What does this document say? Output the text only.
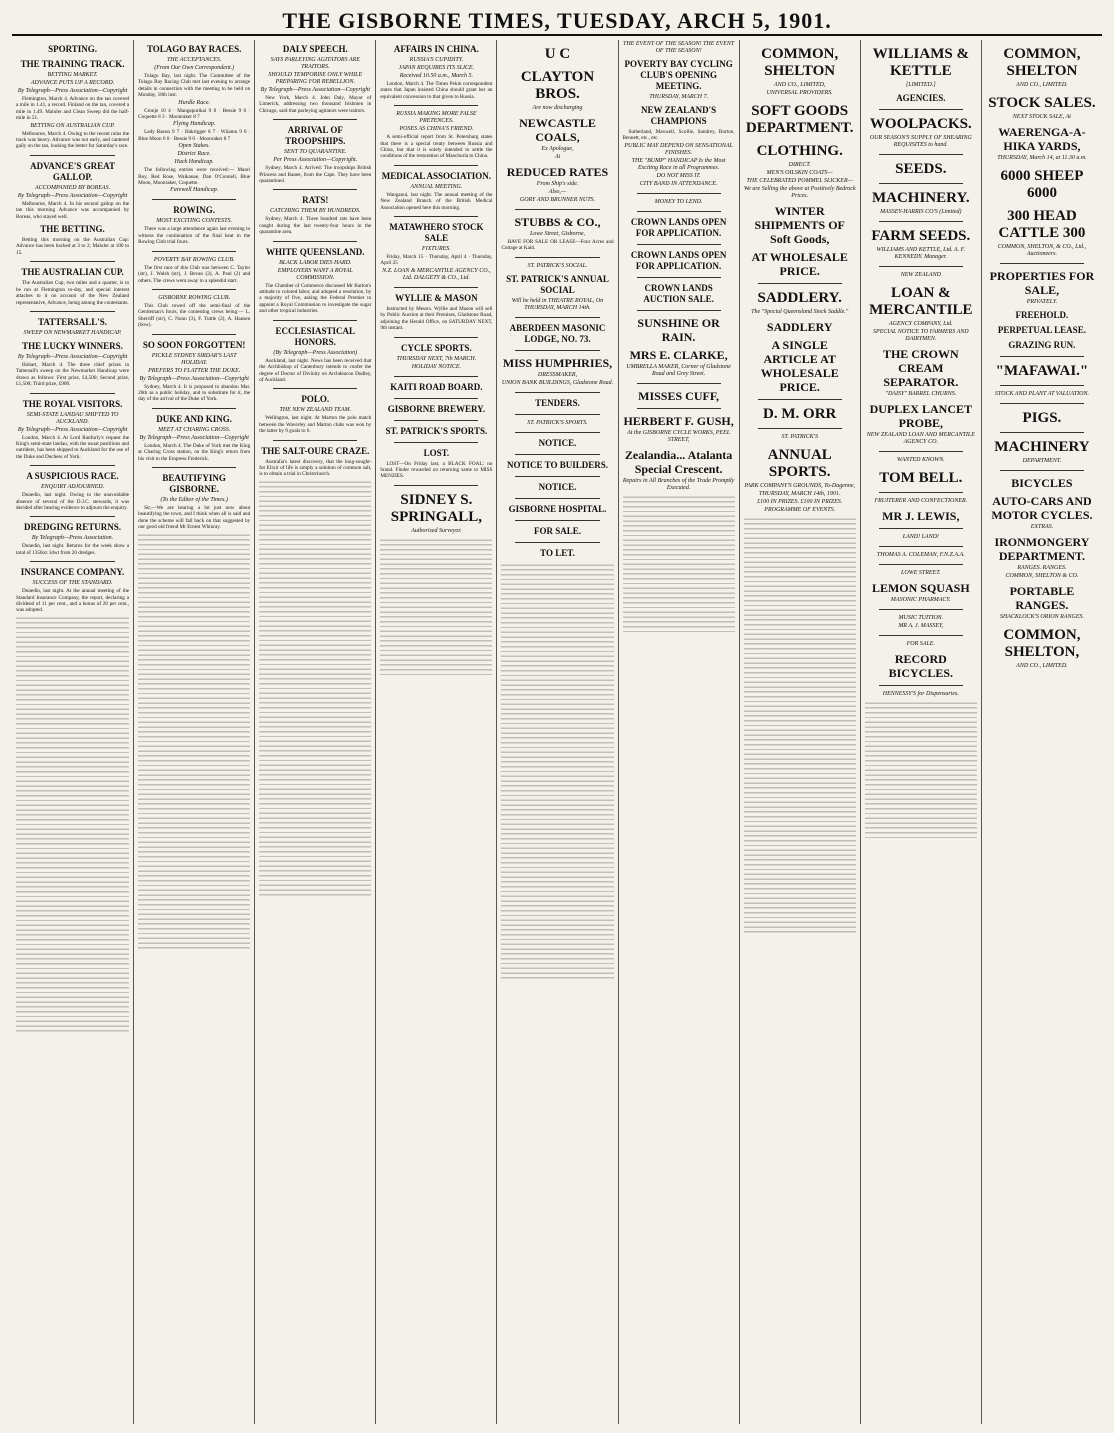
THE GISBORNE TIMES, TUESDAY, ARCH 5, 1901.
SPORTING.
THE TRAINING TRACK.
BETTING MARKET.
ADVANCE PUTS UP A RECORD.
By Telegraph—Press Association—Copyright

Flemington, March 4. Advance on the tan covered a mile in 1.41, a record. Finland on the tan, covered a mile in 1.49. Maluler and Clean Sweep did the half-mile in 51.

BETTING ON AUSTRALIAN CUP.

Melbourne, March 4. Owing to the recent rains the track was heavy. Advance was not early, and cantered gaily on the tan, looking the better for Saturday's race.

ADVANCE'S GREAT GALLOP.
ACCOMPANIED BY BOREAS.
By Telegraph—Press Association—Copyright

Melbourne, March 4. In his second gallop on the tan this morning Advance was accompanied by Boreas, who stayed well.

THE BETTING.

Betting this morning on the Australian Cup: Advance has been backed at 3 to 2; Maluler at 100 to 15.

THE AUSTRALIAN CUP.

The Australian Cup, two miles and a quarter, is to be run at Flemington to-day, and special interest attaches to it on account of the New Zealand representative, Advance, being among the contestants.

TATTERSALL'S.
SWEEP ON NEWMARKET HANDICAP.
THE LUCKY WINNERS.
By Telegraph—Press Association—Copyright

Hobart, March 4. The three chief prizes in Tattersall's sweep on the Newmarket Handicap were drawn as follows: First prize, £4,500; Second prize, £1,500; Third prize, £900.

THE ROYAL VISITORS.
SEMI-STATE LANDAU SHIFTED TO AUCKLAND.
By Telegraph—Press Association—Copyright

London, March 4. At Lord Ranfurly's request the King's semi-state landau, with the usual postilions and outriders, has been shipped to Auckland for the use of the Duke and Duchess of York.

A SUSPICIOUS RACE.
ENQUIRY ADJOURNED.

Dunedin, last night. Owing to the unavoidable absence of several of the D.J.C. stewards, it was decided after hearing evidence to adjourn the enquiry.

DREDGING RETURNS.
By Telegraph—Press Association.

Dunedin, last night. Returns for the week show a total of 1350oz 1dwt from 20 dredges.

INSURANCE COMPANY.
SUCCESS OF THE STANDARD.

Dunedin, last night. At the annual meeting of the Standard Insurance Company, the report, declaring a dividend of 11 per cent., and a bonus of 20 per cent., was adopted.

TOLAGO BAY RACES.
THE ACCEPTANCES.
(From Our Own Correspondent.)

Tolago Bay, last night. The Committee of the Tolago Bay Racing Club met last evening to arrange details in connection with the meeting to be held on Monday, 18th inst.

Hurdle Race.

Cronje 10 4 · Mangapurikai 9 0 · Bessie 9 0 · Coquette 8 3 · Moonraker 8 7

Flying Handicap.

Lady Raeon 9 7 · Hakrigger 8 7 · Wiiamu 9 0 · Blue Moon 6 0 · Bessie 9 0 · Moonraker 8 7

Open Stakes.
District Race.
Hack Handicap.

The following entries were received:— Maori Boy, Red Rose, Waikanae, Dan O'Connell, Blue Moon, Moonraker, Coquette.

Farewell Handicap.
ROWING.
MOST EXCITING CONTESTS.

There was a large attendance again last evening to witness the continuation of the final heat in the Rowing Club trial fours.

POVERTY BAY ROWING CLUB.

The first race of this Club was between C. Taylor (str), J. Walsh (str), J. Bevan (3), A. Paul (2) and others. The crews went away to a splendid start.

GISBORNE ROWING CLUB.

This Club rowed off the semi-final of the Gentleman's fours, the contesting crews being:— L. Sherriff (str), C. Nunn (3), F. Tuttle (2), A. Hansen (bow).

SO SOON FORGOTTEN!
PICKLE SYDNEY SIRDAR'S LAST HOLIDAY.
PREFERS TO FLATTER THE DUKE.
By Telegraph—Press Association—Copyright

Sydney, March 4. It is proposed to abandon Mar. 26th as a public holiday, and to substitute for it, the day of the arrival of the Duke of York.

DUKE AND KING.
MEET AT CHARING CROSS.
By Telegraph—Press Association—Copyright

London, March 4. The Duke of York met the King at Charing Cross station, on the King's return from his visit to the Empress Frederick.

BEAUTIFYING GISBORNE.
(To the Editor of the Times.)

Sir,—We are hearing a lot just now about beautifying the town, and I think when all is said and done the scheme will fall back on that suggested by our good old friend Mr Ernest Whinray.

DALY SPEECH.
SAYS PARLEYING AGITATORS ARE TRAITORS.
SHOULD TEMPORISE ONLY WHILE PREPARING FOR REBELLION.
By Telegraph—Press Association—Copyright

New York, March 4. John Daly, Mayor of Limerick, addressing two thousand Irishmen in Chicago, said that parleying agitators were traitors.

ARRIVAL OF TROOPSHIPS.
SENT TO QUARANTINE.
Per Press Association—Copyright.

Sydney, March 4. Arrived: The troopships British Princess and Ranee, from the Cape. They have been quarantined.

RATS!
CATCHING THEM BY HUNDREDS.

Sydney, March 4. Three hundred rats have been caught during the last twenty-four hours in the quarantine area.

WHITE QUEENSLAND.
BLACK LABOR DIES HARD.
EMPLOYERS WANT A ROYAL COMMISSION.

The Chamber of Commerce discussed Mr Barton's attitude to colored labor, and adopted a resolution, by a majority of five, asking the Federal Premier to appoint a Royal Commission to investigate the sugar and other tropical industries.

ECCLESIASTICAL HONORS.
(By Telegraph—Press Association)

Auckland, last night. News has been received that the Archbishop of Canterbury intends to confer the degree of Doctor of Divinity on Archdeacon Dudley, of Auckland.

POLO.
THE NEW ZEALAND TEAM.

Wellington, last night. At Marton the polo match between the Waverley and Marton clubs was won by the latter by 9 goals to 6.

THE SALT-OURE CRAZE.

Australia's latest discovery, that the long-sought-for Elixir of life is simply a solution of common salt, is to obtain a trial in Christchurch.

AFFAIRS IN CHINA.
RUSSIA'S CUPIDITY.
JAPAN REQUIRES ITS SLICE.
Received 10.50 a.m., March 5.

London, March 4. The Times Pekin correspondent states that Japan insisted China should grant her an equivalent concession to that given to Russia.

RUSSIA MAKING MORE FALSE PRETENCES.
POSES AS CHINA'S FRIEND.

A semi-official report from St. Petersburg states that there is a special treaty between Russia and China, but that it is solely intended to settle the conditions of the restoration of Manchuria to China.

MEDICAL ASSOCIATION.
ANNUAL MEETING.

Wanganui, last night. The annual meeting of the New Zealand Branch of the British Medical Association opened here this morning.

MATAWHERO STOCK SALE
FIXTURES.

Friday, March 15 · Thursday, April 4 · Thursday, April 25

N.Z. LOAN & MERCANTILE AGENCY CO., Ltd. DALGETY & CO., Ltd.
WYLLIE & MASON

Instructed by Messrs. Wyllie and Mason will sell by Public Auction at their Premises, Gladstone Road, adjoining the Herald Office, on SATURDAY NEXT, 9th instant.

CYCLE SPORTS.
THURSDAY NEXT, 7th MARCH.
HOLIDAY NOTICE.
KAITI ROAD BOARD.
GISBORNE BREWERY.
ST. PATRICK'S SPORTS.
LOST.

LOST—On Friday last, a BLACK FOAL; no brand. Finder rewarded on returning same to MISS MENZIES.

SIDNEY S. SPRINGALL,
Authorised Surveyor.
U C
CLAYTON BROS.
Are now discharging
NEWCASTLE COALS,
Ex Apologue,
At
REDUCED RATES
From Ship's side.
Also,—
GORY AND BRUNNER NUTS.
STUBBS & CO.,
Lowe Street, Gisborne,

HAVE FOR SALE OR LEASE—Four Acres and Cottage at Kaiti.

ST. PATRICK'S SOCIAL.
ST. PATRICK'S ANNUAL SOCIAL
Will be held in THEATRE ROYAL, On THURSDAY, MARCH 14th.
ABERDEEN MASONIC LODGE, NO. 73.
MISS HUMPHRIES,
DRESSMAKER,
UNION BANK BUILDINGS, Gladstone Road.
TENDERS.
ST. PATRICK'S SPORTS.
NOTICE.
NOTICE TO BUILDERS.
NOTICE.
GISBORNE HOSPITAL.
FOR SALE.
TO LET.
THE EVENT OF THE SEASON! THE EVENT OF THE SEASON!
POVERTY BAY CYCLING CLUB'S OPENING MEETING.
THURSDAY, MARCH 7.
NEW ZEALAND'S CHAMPIONS

Sutherland, Maxwell, Scollie, Sandrey, Burton, Bennett, etc., etc.

PUBLIC MAY DEPEND ON SENSATIONAL FINISHES.
THE "BUMP" HANDICAP Is the Most Exciting Race in all Programmes.
DO NOT MISS IT.
CITY BAND IN ATTENDANCE.
MONEY TO LEND.
CROWN LANDS OPEN FOR APPLICATION.
CROWN LANDS OPEN FOR APPLICATION.
CROWN LANDS AUCTION SALE.
SUNSHINE OR RAIN.
MRS E. CLARKE,
UMBRELLA MAKER, Corner of Gladstone Road and Grey Street.
MISSES CUFF,
HERBERT F. GUSH,
At the GISBORNE CYCLE WORKS, PEEL STREET,
Zealandia... Atalanta Special Crescent.
Repairs in All Branches of the Trade Promptly Executed.
COMMON, SHELTON
AND CO., LIMITED,
UNIVERSAL PROVIDERS.
SOFT GOODS DEPARTMENT.
CLOTHING.
DIRECT.
MEN'S OILSKIN COATS—
THE CELEBRATED POMMEL SLICKER—
We are Selling the above at Positively Bedrock Prices.
WINTER SHIPMENTS OF Soft Goods,
AT WHOLESALE PRICE.
SADDLERY.
The "Special Queensland Stock Saddle."
SADDLERY
A SINGLE ARTICLE AT WHOLESALE PRICE.
D. M. ORR
ST. PATRICK'S
ANNUAL SPORTS.
PARK COMPANY'S GROUNDS, To-Dagenne,
THURSDAY, MARCH 14th, 1901.
£100 IN PRIZES. £100 IN PRIZES.
PROGRAMME OF EVENTS.
WILLIAMS & KETTLE
[LIMITED.]
AGENCIES.
WOOLPACKS.
OUR SEASON'S SUPPLY OF SHEARING REQUISITES to hand.
SEEDS.
MACHINERY.
MASSEY-HARRIS CO'S (Limited)
FARM SEEDS.
WILLIAMS AND KETTLE, Ltd. A. F. KENNEDY. Manager.
NEW ZEALAND
LOAN & MERCANTILE
AGENCY COMPANY, Ltd.
SPECIAL NOTICE TO FARMERS AND DAIRYMEN.
THE CROWN CREAM SEPARATOR.
"DAISY" BARREL CHURNS.
DUPLEX LANCET PROBE,
NEW ZEALAND LOAN AND MERCANTILE AGENCY CO.
WANTED KNOWN.
TOM BELL.
FRUITERER AND CONFECTIONER.
MR J. LEWIS,
LAND! LAND!
THOMAS A. COLEMAN, F.N.Z.A.A.
LOWE STREET.
LEMON SQUASH
MASONIC PHARMACY.
MUSIC TUITION.
MR A. J. MASSEY,
FOR SALE.
RECORD BICYCLES.
HENNESSY'S for Dispensaries.
COMMON, SHELTON
AND CO., LIMITED.
STOCK SALES.
NEXT STOCK SALE, At
WAERENGA-A-HIKA YARDS,
THURSDAY, March 14, at 11.30 a.m.
6000 SHEEP 6000
300 HEAD CATTLE 300
COMMON, SHELTON, & CO., Ltd., Auctioneers.
PROPERTIES FOR SALE,
PRIVATELY.
FREEHOLD.
PERPETUAL LEASE.
GRAZING RUN.
"MAFAWAI."
STOCK AND PLANT AT VALUATION.
PIGS.
MACHINERY
DEPARTMENT.
BICYCLES
AUTO-CARS AND MOTOR CYCLES.
EXTRAS.
IRONMONGERY DEPARTMENT.
RANGES. RANGES.
COMMON, SHELTON & CO.
PORTABLE RANGES.
SHACKLOCK'S ORION RANGES.
COMMON, SHELTON,
AND CO., LIMITED.
